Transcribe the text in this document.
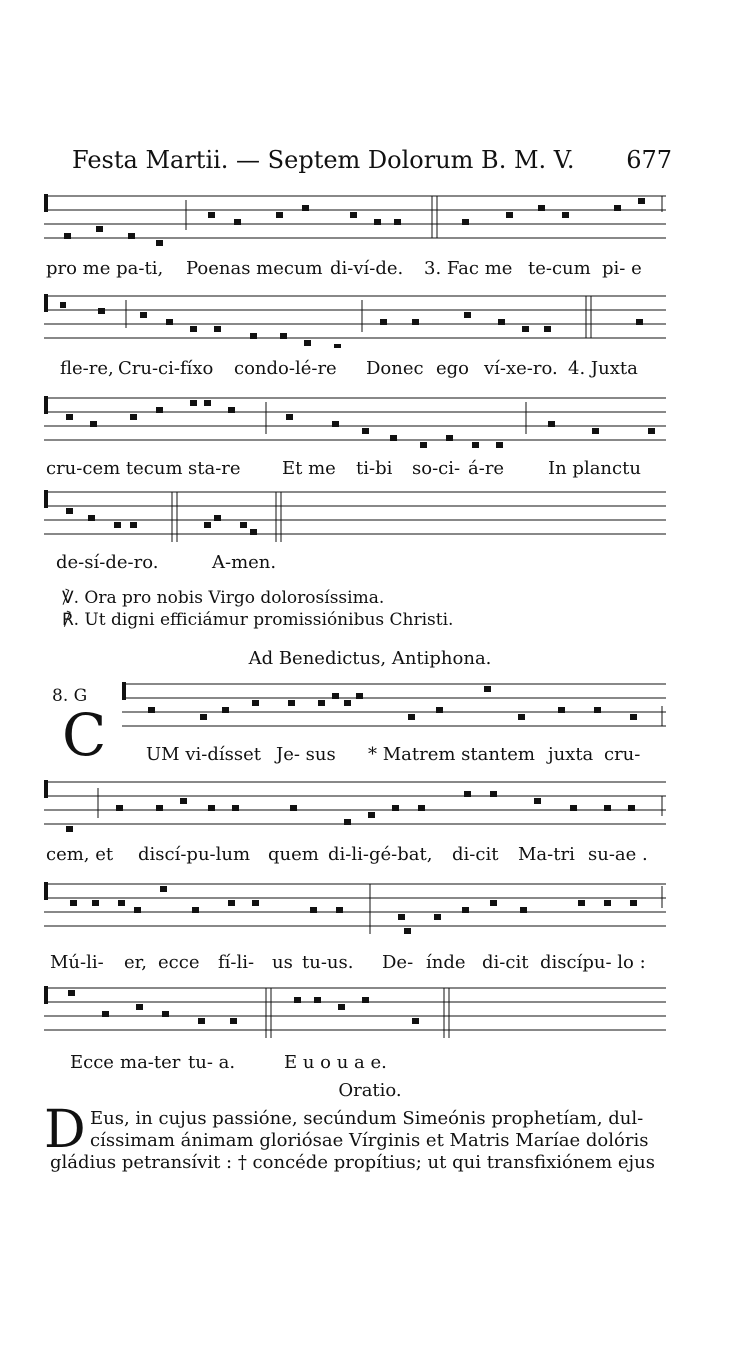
Festa Martii. — Septem Dolorum B. M. V. 677
pro me pa-ti, Poenas mecum di-ví-de. 3. Fac me te-cum pi- e
fle-re, Cru-ci-fíxo condo-lé-re Donec ego ví-xe-ro. 4. Juxta
cru-cem tecum sta-re Et me ti-bi so-ci- á-re In planctu
de-sí-de-ro.	A-men.
℣. Ora pro nobis Virgo dolorosíssima.
℟. Ut digni efficiámur promissiónibus Christi.
Ad Benedictus, Antiphona.
8. G
C UM vi-dísset Je- sus * Matrem stantem juxta cru-
cem, et discí-pu-lum quem di-li-gé-bat, di-cit Ma-tri su-ae .
Mú-li- er, ecce fí-li- us tu-us. De- índe di-cit discípu- lo :
Ecce ma-ter tu- a.	E u o u a e.
Oratio.
D Eus, in cujus passióne, secúndum Simeónis prophetíam, dul-
císsimam ánimam gloriósae Vírginis et Matris Maríae dolóris
gládius petransívit : † concéde propítius; ut qui transfixiónem ejus
